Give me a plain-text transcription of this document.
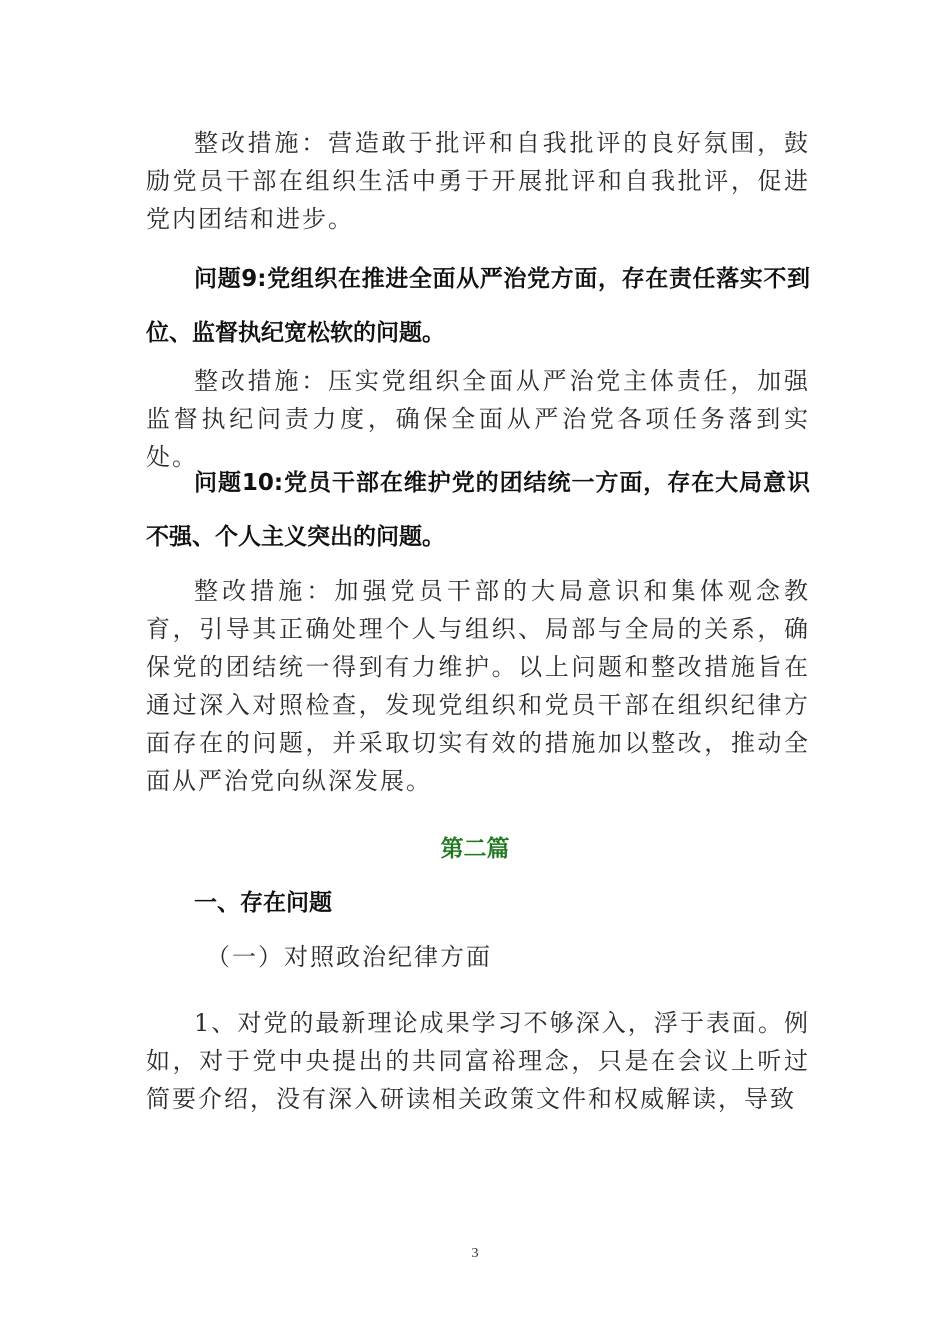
整改措施：营造敢于批评和自我批评的良好氛围，鼓励党员干部在组织生活中勇于开展批评和自我批评，促进党内团结和进步。

问题9:党组织在推进全面从严治党方面，存在责任落实不到位、监督执纪宽松软的问题。

整改措施：压实党组织全面从严治党主体责任，加强监督执纪问责力度，确保全面从严治党各项任务落到实处。

问题10:党员干部在维护党的团结统一方面，存在大局意识不强、个人主义突出的问题。

整改措施：加强党员干部的大局意识和集体观念教育，引导其正确处理个人与组织、局部与全局的关系，确保党的团结统一得到有力维护。以上问题和整改措施旨在通过深入对照检查，发现党组织和党员干部在组织纪律方面存在的问题，并采取切实有效的措施加以整改，推动全面从严治党向纵深发展。

第二篇

一、存在问题

（一）对照政治纪律方面

1、对党的最新理论成果学习不够深入，浮于表面。例如，对于党中央提出的共同富裕理念，只是在会议上听过简要介绍，没有深入研读相关政策文件和权威解读，导致

3
